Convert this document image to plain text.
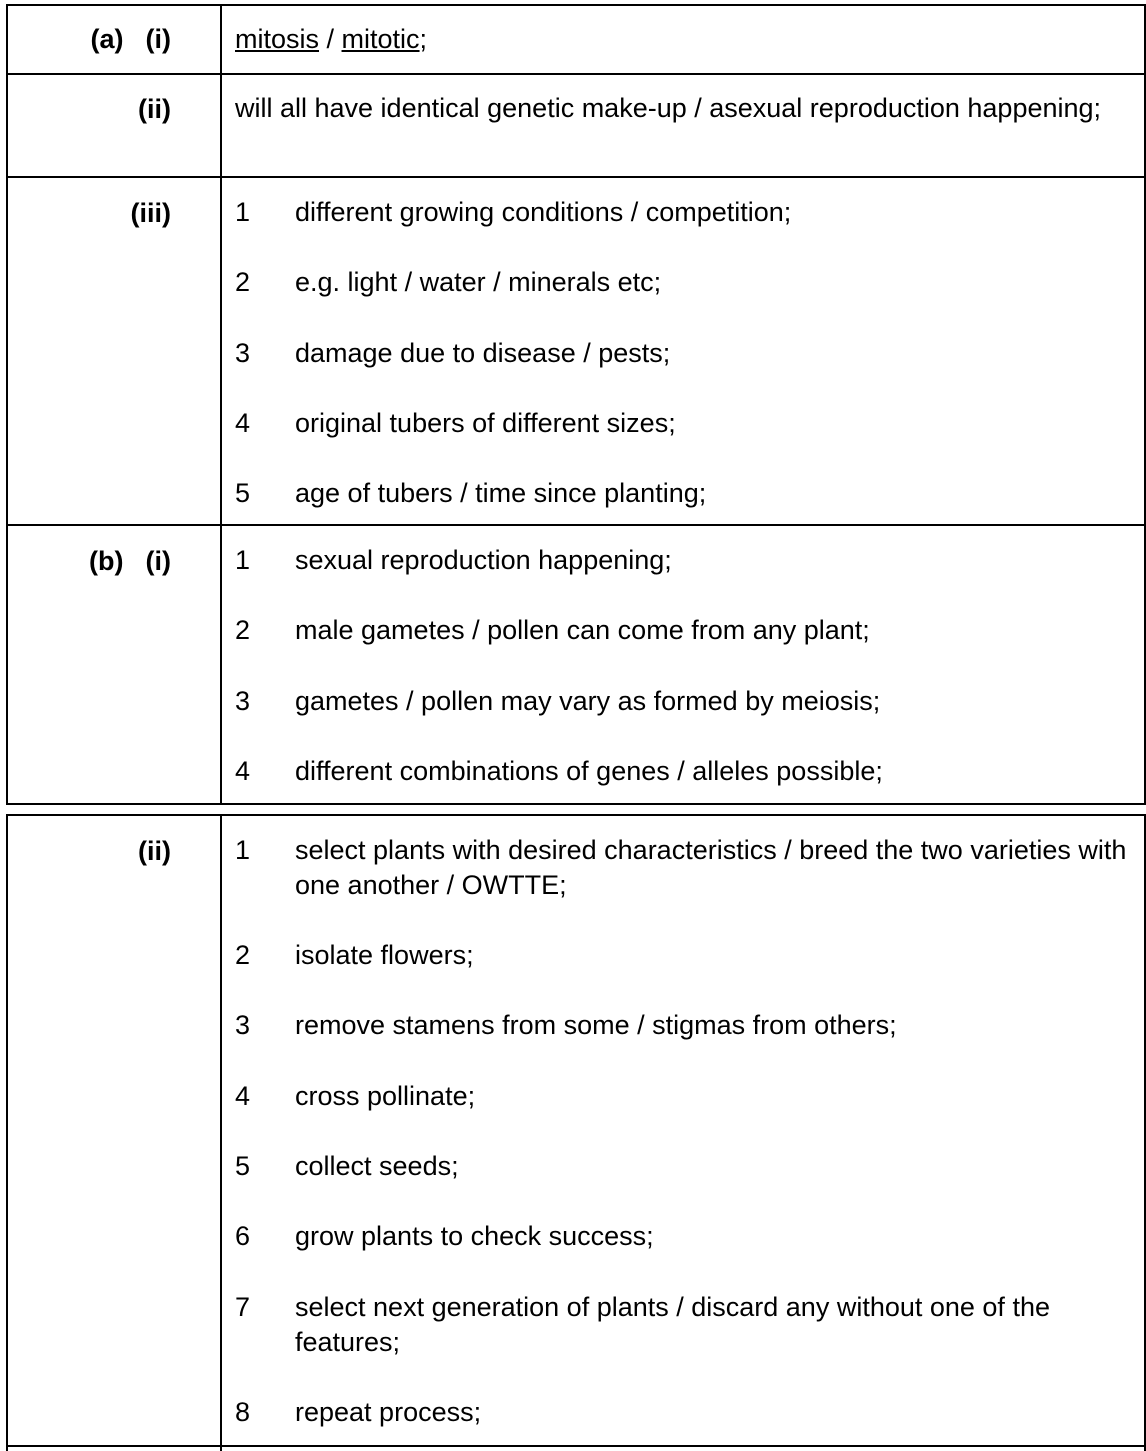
(a) (i) mitosis / mitotic;
(ii) will all have identical genetic make-up / asexual reproduction happening;
(iii) 1	different growing conditions / competition;
2	e.g. light / water / minerals etc;
3	damage due to disease / pests;
4	original tubers of different sizes;
5	age of tubers / time since planting;
(b) (i) 1	sexual reproduction happening;
2	male gametes / pollen can come from any plant;
3	gametes / pollen may vary as formed by meiosis;
4	different combinations of genes / alleles possible;
(ii) 1	select plants with desired characteristics / breed the two varieties with one another / OWTTE;
2	isolate flowers;
3	remove stamens from some / stigmas from others;
4	cross pollinate;
5	collect seeds;
6	grow plants to check success;
7	select next generation of plants / discard any without one of the features;
8	repeat process;
